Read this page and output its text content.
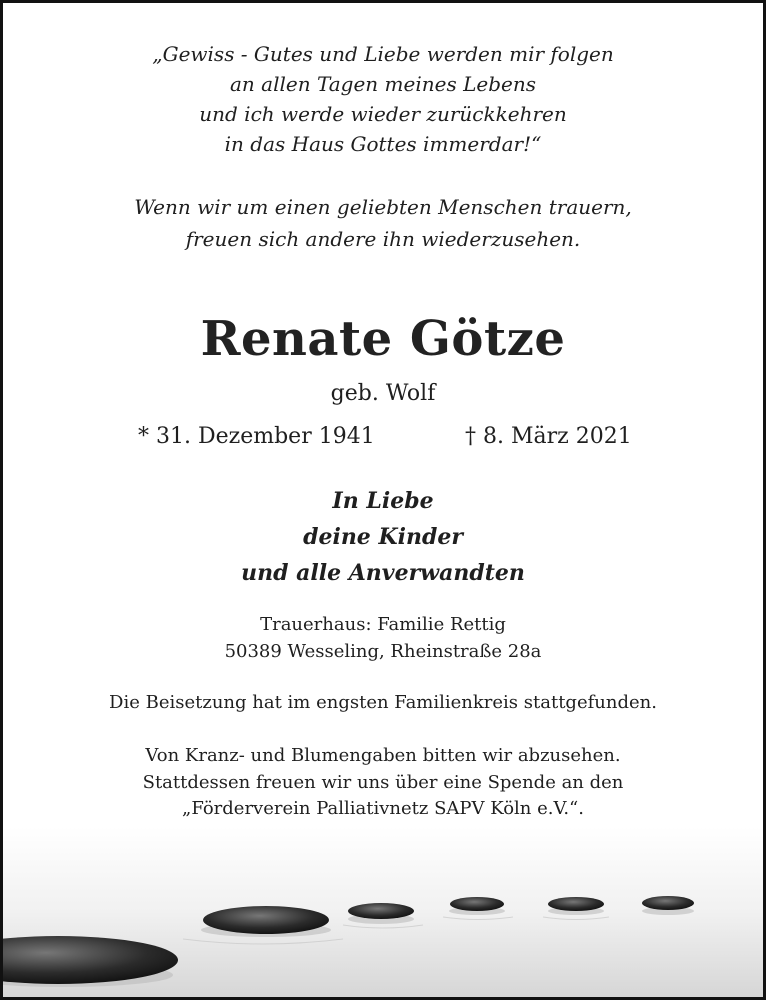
„Gewiss - Gutes und Liebe werden mir folgen
an allen Tagen meines Lebens
und ich werde wieder zurückkehren
in das Haus Gottes immerdar!“
Wenn wir um einen geliebten Menschen trauern,
freuen sich andere ihn wiederzusehen.
Renate Götze
geb. Wolf
* 31. Dezember 1941	† 8. März 2021
In Liebe
deine Kinder
und alle Anverwandten
Trauerhaus: Familie Rettig
50389 Wesseling, Rheinstraße 28a
Die Beisetzung hat im engsten Familienkreis stattgefunden.
Von Kranz- und Blumengaben bitten wir abzusehen.
Stattdessen freuen wir uns über eine Spende an den
„Förderverein Palliativnetz SAPV Köln e.V.“.
